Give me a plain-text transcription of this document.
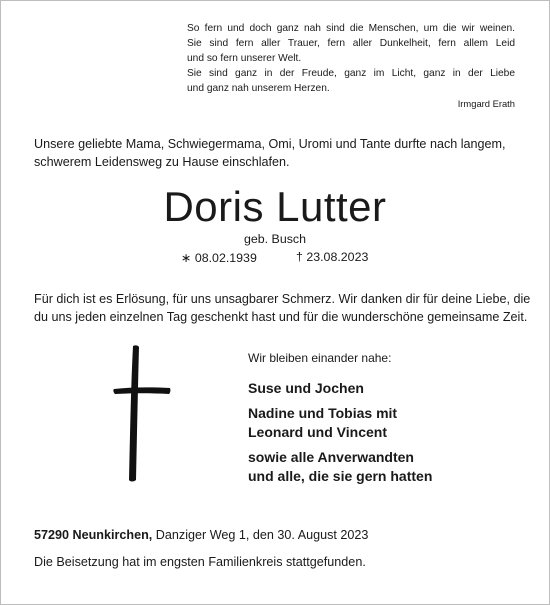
So fern und doch ganz nah sind die Menschen, um die wir weinen.
Sie sind fern aller Trauer, fern aller Dunkelheit, fern allem Leid
und so fern unserer Welt.
Sie sind ganz in der Freude, ganz im Licht, ganz in der Liebe
und ganz nah unserem Herzen.
Irmgard Erath
Unsere geliebte Mama, Schwiegermama, Omi, Uromi und Tante durfte nach langem,
schwerem Leidensweg zu Hause einschlafen.
Doris Lutter
geb. Busch
∗ 08.02.1939	† 23.08.2023
Für dich ist es Erlösung, für uns unsagbarer Schmerz. Wir danken dir für deine Liebe, die
du uns jeden einzelnen Tag geschenkt hast und für die wunderschöne gemeinsame Zeit.
Wir bleiben einander nahe:
Suse und Jochen
Nadine und Tobias mit
Leonard und Vincent
sowie alle Anverwandten
und alle, die sie gern hatten
57290 Neunkirchen, Danziger Weg 1, den 30. August 2023
Die Beisetzung hat im engsten Familienkreis stattgefunden.
